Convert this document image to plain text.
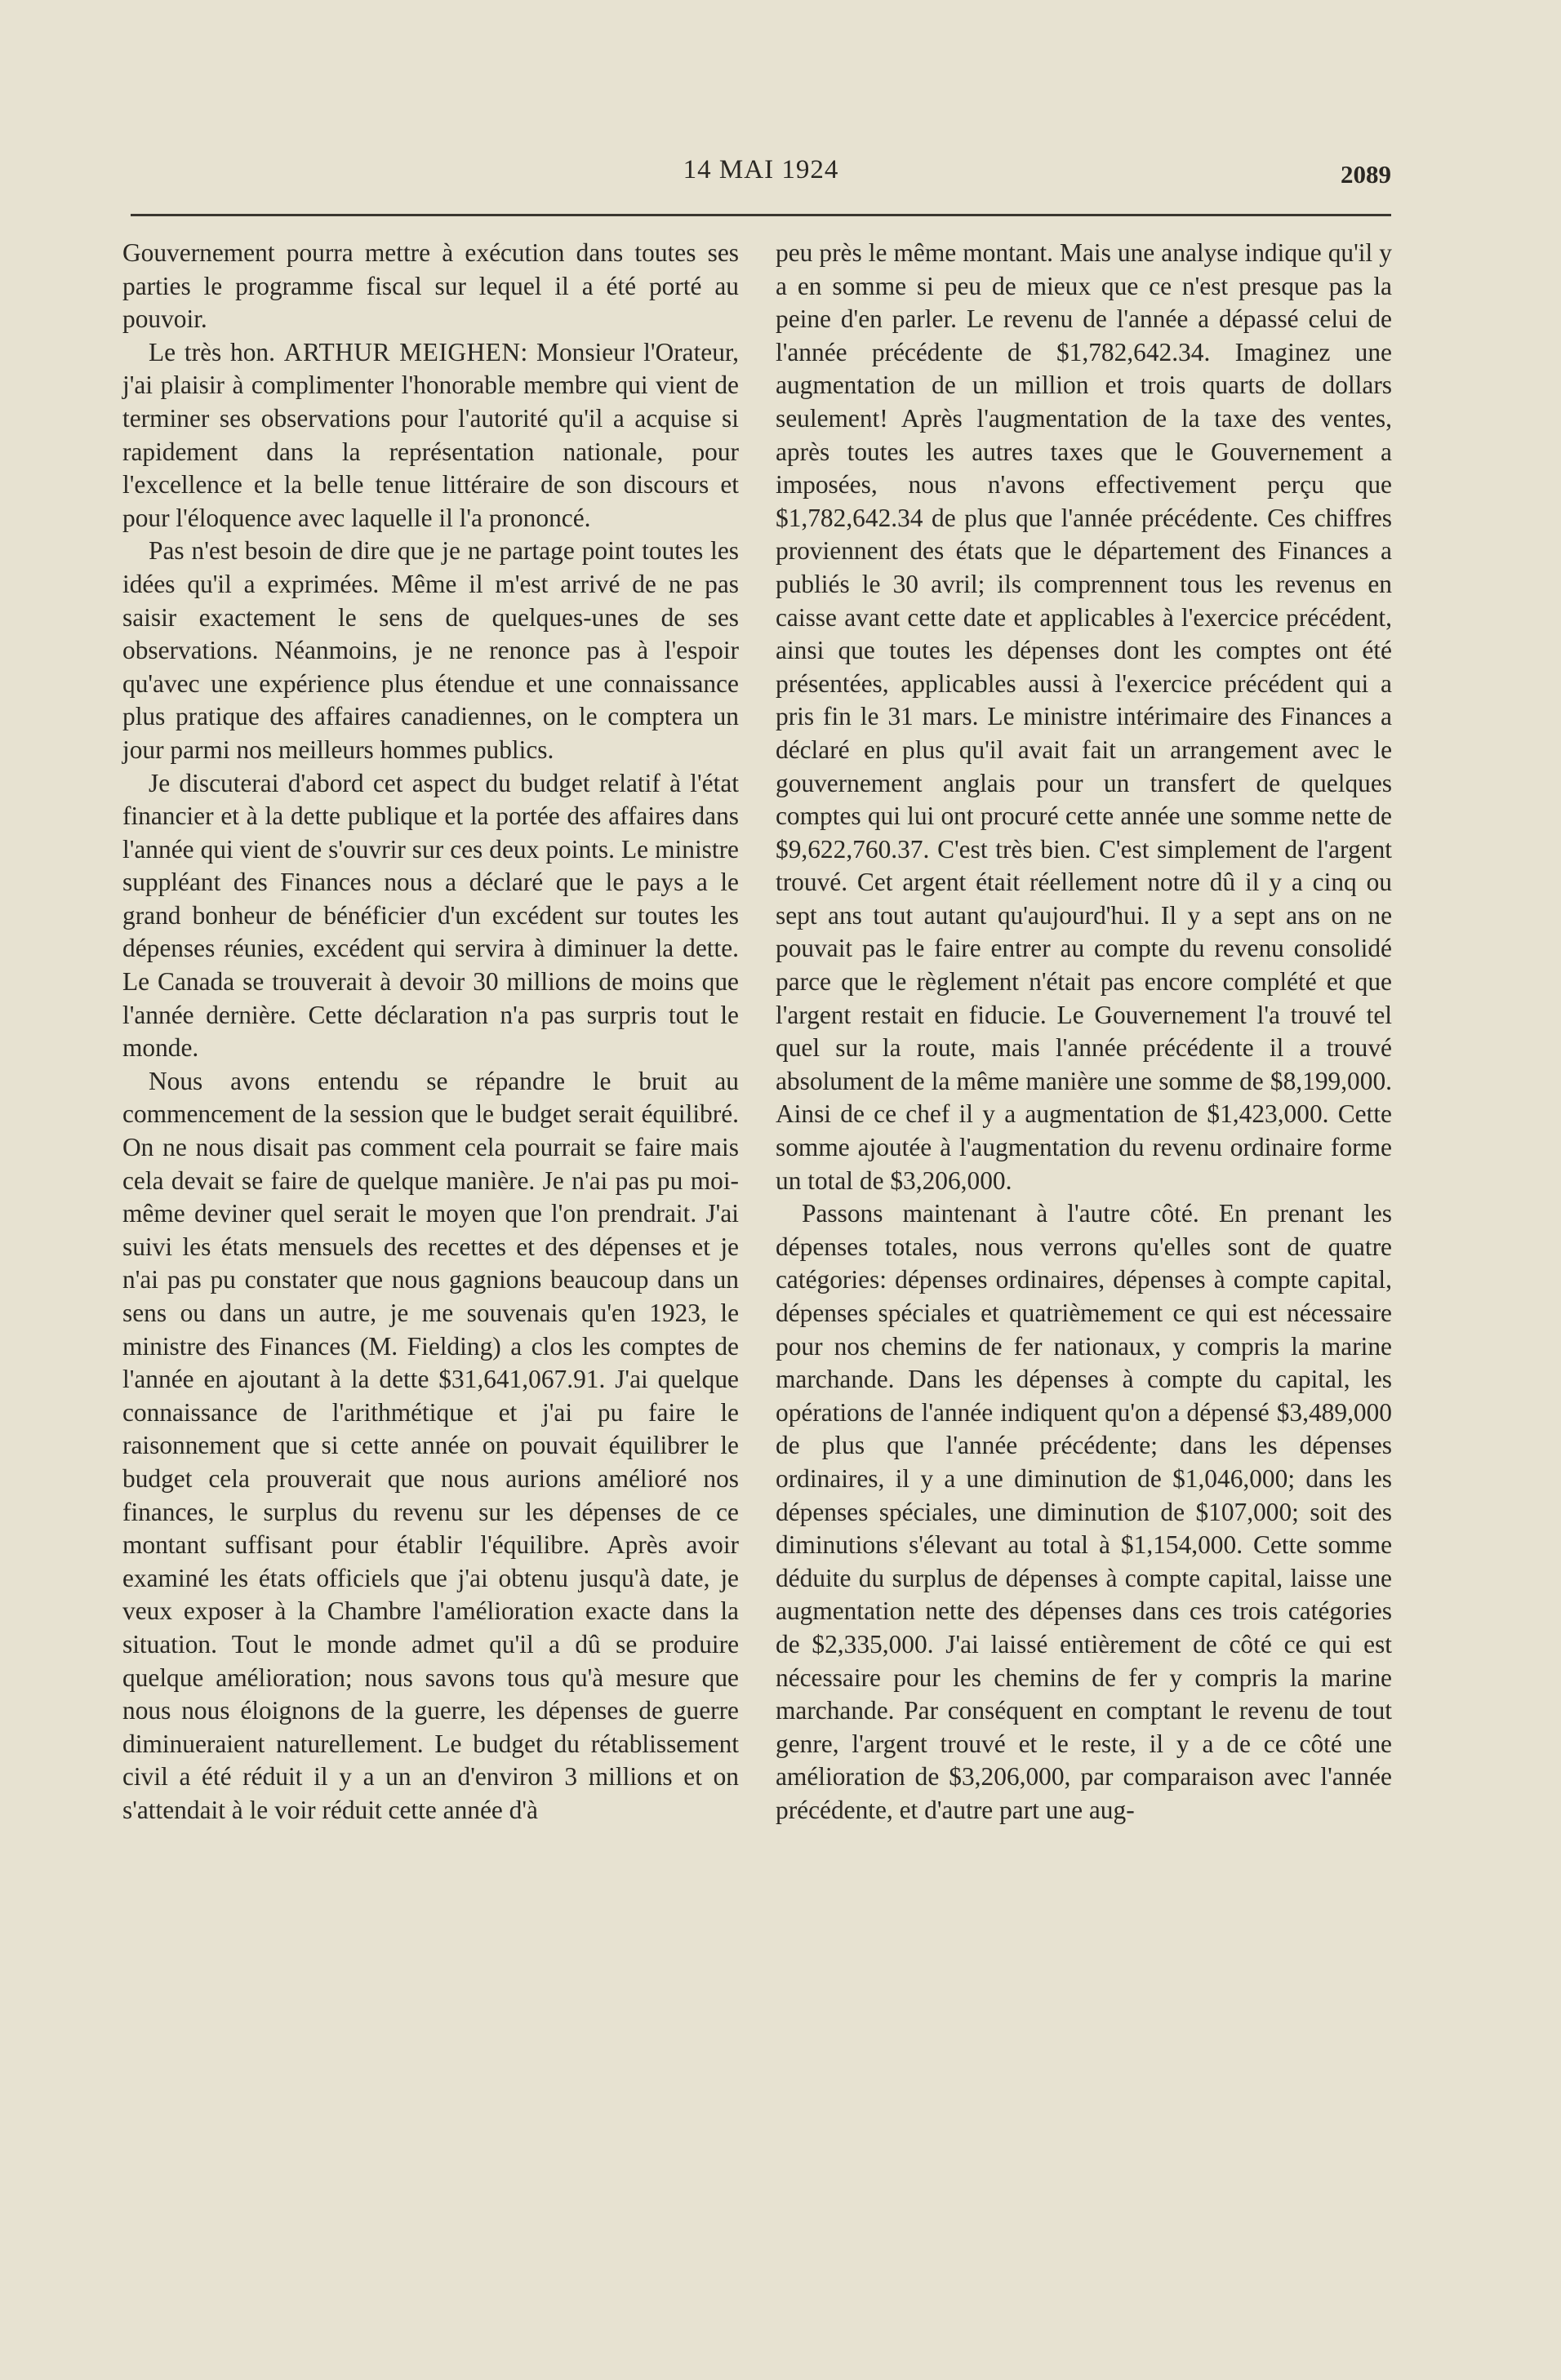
14 MAI 1924	2089

Gouvernement pourra mettre à exécution dans toutes ses parties le programme fiscal sur lequel il a été porté au pouvoir.

Le très hon. ARTHUR MEIGHEN: Monsieur l'Orateur, j'ai plaisir à complimenter l'honorable membre qui vient de terminer ses observations pour l'autorité qu'il a acquise si rapidement dans la représentation nationale, pour l'excellence et la belle tenue littéraire de son discours et pour l'éloquence avec laquelle il l'a prononcé.

Pas n'est besoin de dire que je ne partage point toutes les idées qu'il a exprimées. Même il m'est arrivé de ne pas saisir exactement le sens de quelques-unes de ses observations. Néanmoins, je ne renonce pas à l'espoir qu'avec une expérience plus étendue et une connaissance plus pratique des affaires canadiennes, on le comptera un jour parmi nos meilleurs hommes publics.

Je discuterai d'abord cet aspect du budget relatif à l'état financier et à la dette publique et la portée des affaires dans l'année qui vient de s'ouvrir sur ces deux points. Le ministre suppléant des Finances nous a déclaré que le pays a le grand bonheur de bénéficier d'un excédent sur toutes les dépenses réunies, excédent qui servira à diminuer la dette. Le Canada se trouverait à devoir 30 millions de moins que l'année dernière. Cette déclaration n'a pas surpris tout le monde.

Nous avons entendu se répandre le bruit au commencement de la session que le budget serait équilibré. On ne nous disait pas comment cela pourrait se faire mais cela devait se faire de quelque manière. Je n'ai pas pu moi-même deviner quel serait le moyen que l'on prendrait. J'ai suivi les états mensuels des recettes et des dépenses et je n'ai pas pu constater que nous gagnions beaucoup dans un sens ou dans un autre, je me souvenais qu'en 1923, le ministre des Finances (M. Fielding) a clos les comptes de l'année en ajoutant à la dette $31,641,067.91. J'ai quelque connaissance de l'arithmétique et j'ai pu faire le raisonnement que si cette année on pouvait équilibrer le budget cela prouverait que nous aurions amélioré nos finances, le surplus du revenu sur les dépenses de ce montant suffisant pour établir l'équilibre. Après avoir examiné les états officiels que j'ai obtenu jusqu'à date, je veux exposer à la Chambre l'amélioration exacte dans la situation. Tout le monde admet qu'il a dû se produire quelque amélioration; nous savons tous qu'à mesure que nous nous éloignons de la guerre, les dépenses de guerre diminueraient naturellement. Le budget du rétablissement civil a été réduit il y a un an d'environ 3 millions et on s'attendait à le voir réduit cette année d'à

peu près le même montant. Mais une analyse indique qu'il y a en somme si peu de mieux que ce n'est presque pas la peine d'en parler. Le revenu de l'année a dépassé celui de l'année précédente de $1,782,642.34. Imaginez une augmentation de un million et trois quarts de dollars seulement! Après l'augmentation de la taxe des ventes, après toutes les autres taxes que le Gouvernement a imposées, nous n'avons effectivement perçu que $1,782,642.34 de plus que l'année précédente. Ces chiffres proviennent des états que le département des Finances a publiés le 30 avril; ils comprennent tous les revenus en caisse avant cette date et applicables à l'exercice précédent, ainsi que toutes les dépenses dont les comptes ont été présentées, applicables aussi à l'exercice précédent qui a pris fin le 31 mars. Le ministre intérimaire des Finances a déclaré en plus qu'il avait fait un arrangement avec le gouvernement anglais pour un transfert de quelques comptes qui lui ont procuré cette année une somme nette de $9,622,760.37. C'est très bien. C'est simplement de l'argent trouvé. Cet argent était réellement notre dû il y a cinq ou sept ans tout autant qu'aujourd'hui. Il y a sept ans on ne pouvait pas le faire entrer au compte du revenu consolidé parce que le règlement n'était pas encore complété et que l'argent restait en fiducie. Le Gouvernement l'a trouvé tel quel sur la route, mais l'année précédente il a trouvé absolument de la même manière une somme de $8,199,000. Ainsi de ce chef il y a augmentation de $1,423,000. Cette somme ajoutée à l'augmentation du revenu ordinaire forme un total de $3,206,000.

Passons maintenant à l'autre côté. En prenant les dépenses totales, nous verrons qu'elles sont de quatre catégories: dépenses ordinaires, dépenses à compte capital, dépenses spéciales et quatrièmement ce qui est nécessaire pour nos chemins de fer nationaux, y compris la marine marchande. Dans les dépenses à compte du capital, les opérations de l'année indiquent qu'on a dépensé $3,489,000 de plus que l'année précédente; dans les dépenses ordinaires, il y a une diminution de $1,046,000; dans les dépenses spéciales, une diminution de $107,000; soit des diminutions s'élevant au total à $1,154,000. Cette somme déduite du surplus de dépenses à compte capital, laisse une augmentation nette des dépenses dans ces trois catégories de $2,335,000. J'ai laissé entièrement de côté ce qui est nécessaire pour les chemins de fer y compris la marine marchande. Par conséquent en comptant le revenu de tout genre, l'argent trouvé et le reste, il y a de ce côté une amélioration de $3,206,000, par comparaison avec l'année précédente, et d'autre part une aug-
